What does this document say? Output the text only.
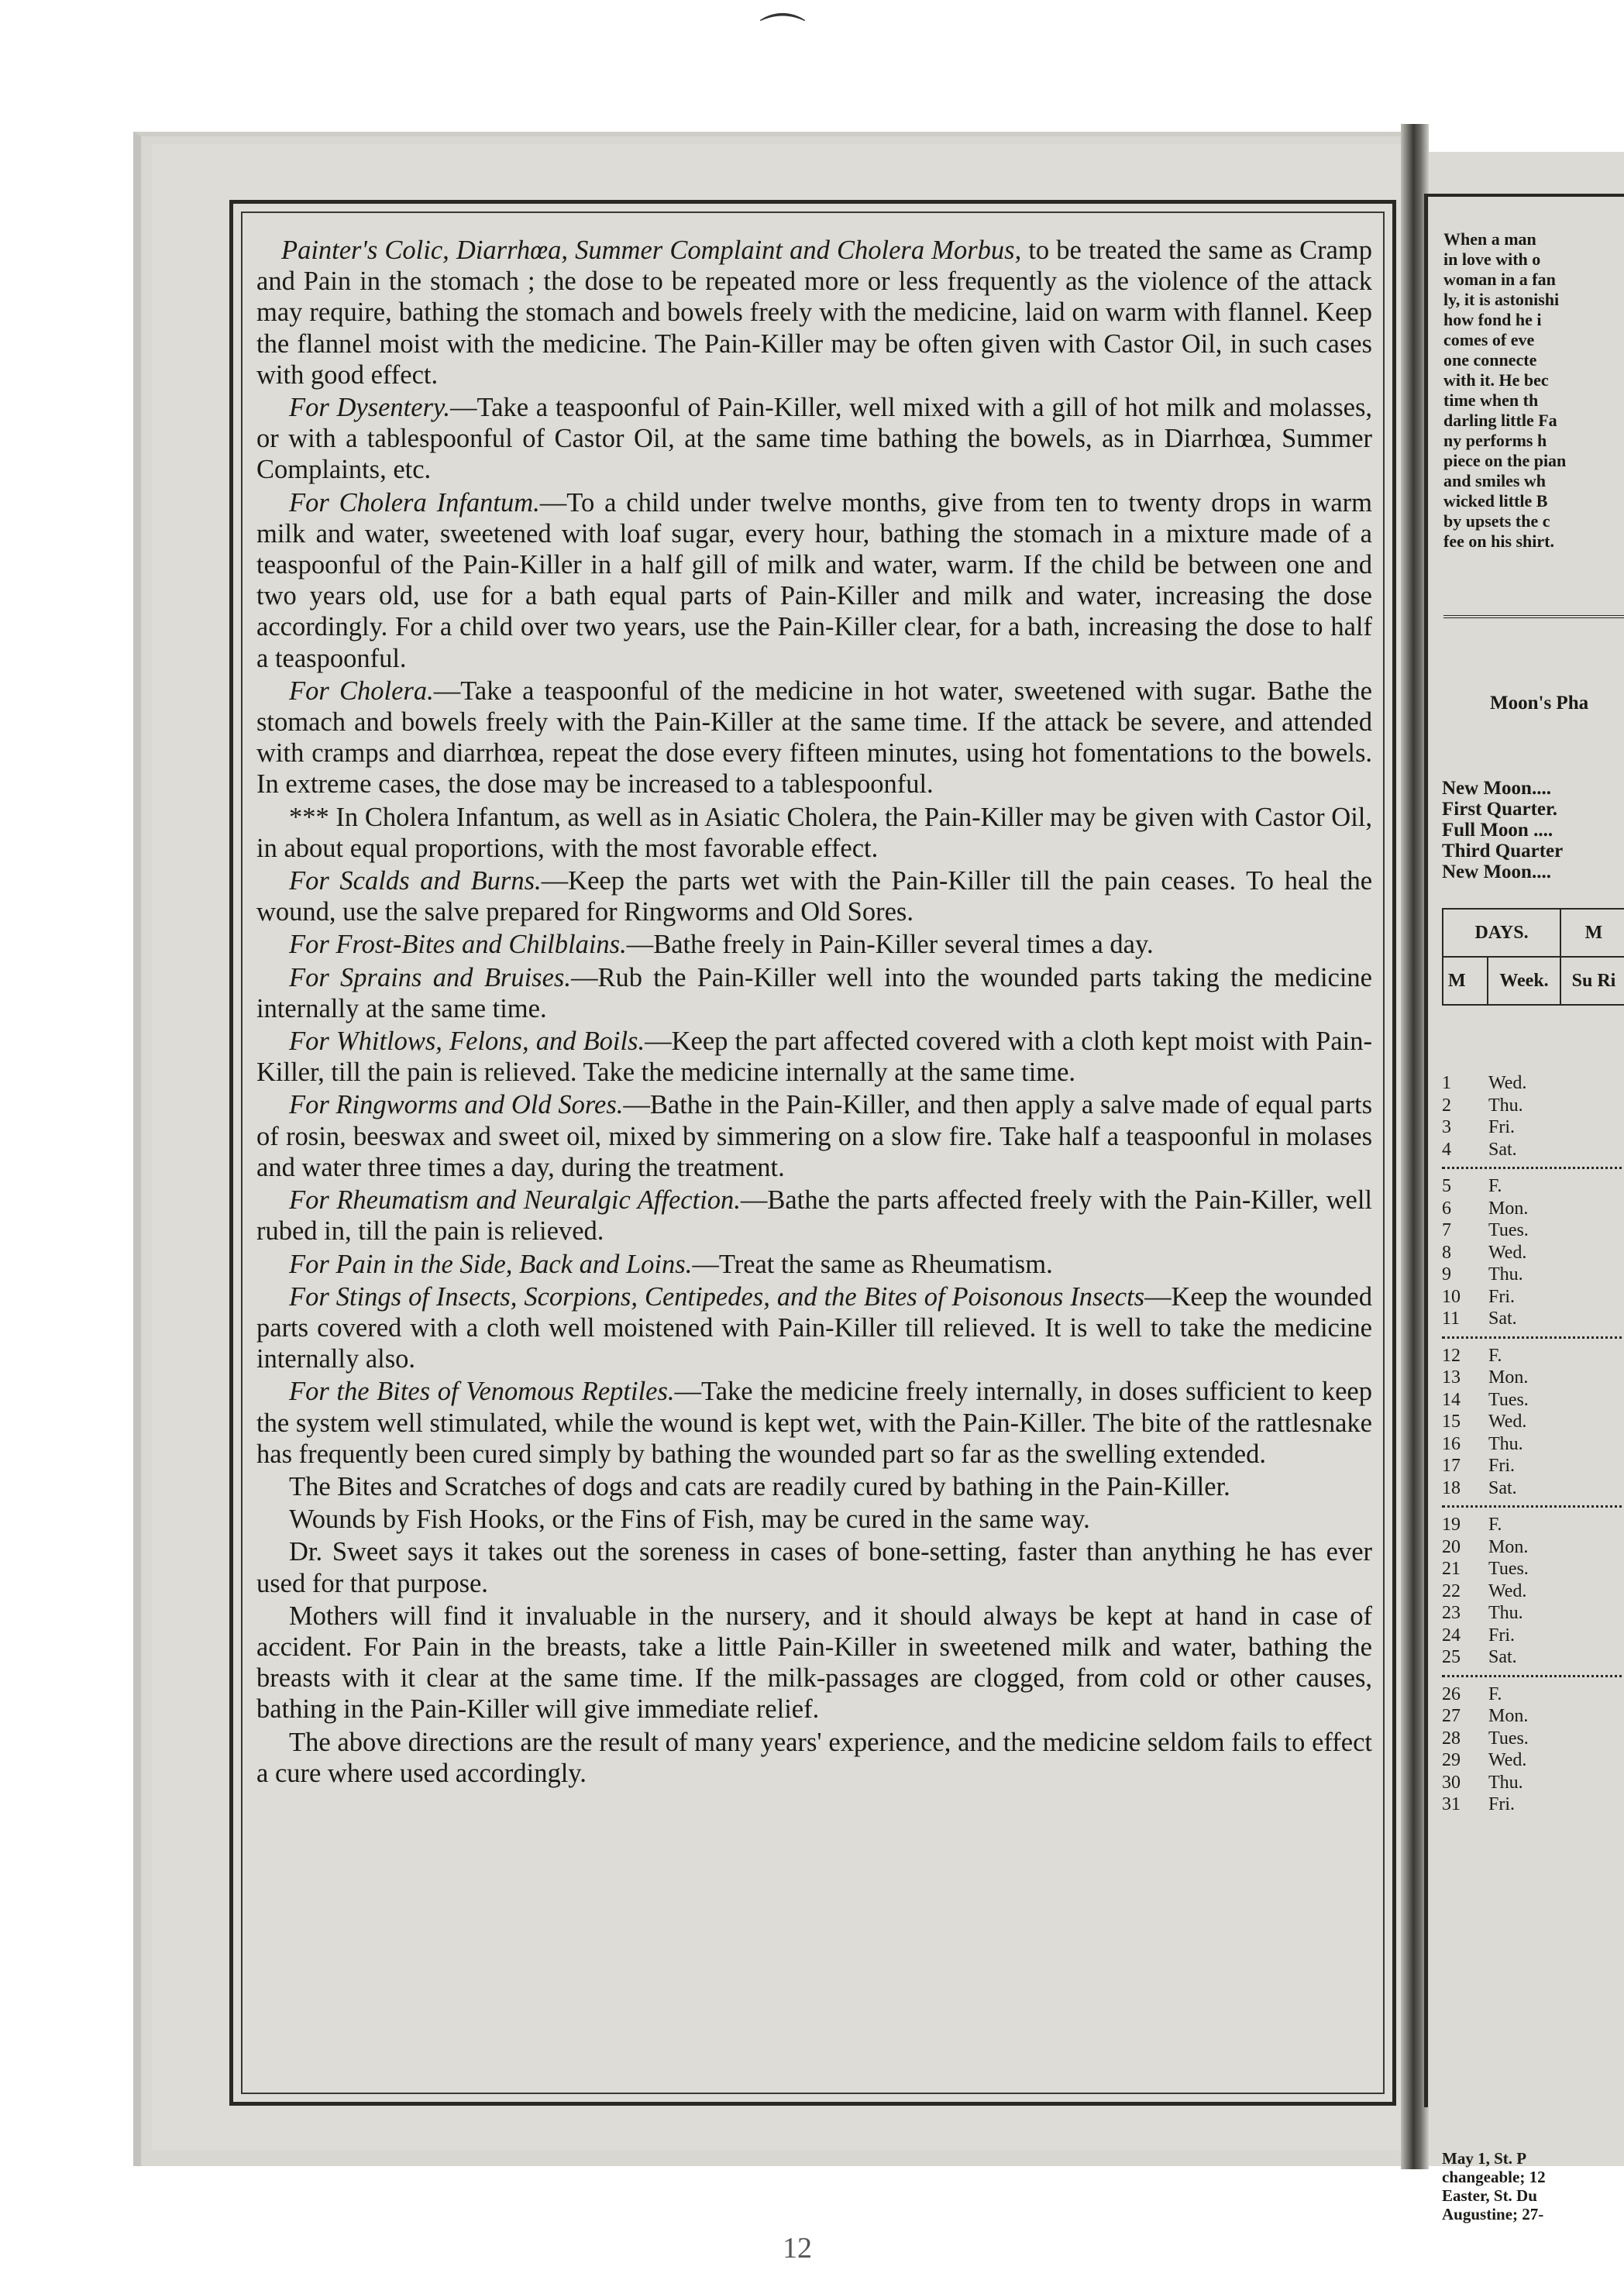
Painter's Colic, Diarrhœa, Summer Complaint and Cholera Morbus, to be treated the same as Cramp and Pain in the stomach ; the dose to be repeated more or less frequently as the violence of the attack may require, bathing the stomach and bowels freely with the medicine, laid on warm with flannel. Keep the flannel moist with the medicine. The Pain-Killer may be often given with Castor Oil, in such cases with good effect.

For Dysentery.—Take a teaspoonful of Pain-Killer, well mixed with a gill of hot milk and molasses, or with a tablespoonful of Castor Oil, at the same time bathing the bowels, as in Diarrhœa, Summer Complaints, etc.

For Cholera Infantum.—To a child under twelve months, give from ten to twenty drops in warm milk and water, sweetened with loaf sugar, every hour, bathing the stomach in a mixture made of a teaspoonful of the Pain-Killer in a half gill of milk and water, warm. If the child be between one and two years old, use for a bath equal parts of Pain-Killer and milk and water, increasing the dose accordingly. For a child over two years, use the Pain-Killer clear, for a bath, increasing the dose to half a teaspoonful.

For Cholera.—Take a teaspoonful of the medicine in hot water, sweetened with sugar. Bathe the stomach and bowels freely with the Pain-Killer at the same time. If the attack be severe, and attended with cramps and diarrhœa, repeat the dose every fifteen minutes, using hot fomentations to the bowels. In extreme cases, the dose may be increased to a tablespoonful.

*** In Cholera Infantum, as well as in Asiatic Cholera, the Pain-Killer may be given with Castor Oil, in about equal proportions, with the most favorable effect.

For Scalds and Burns.—Keep the parts wet with the Pain-Killer till the pain ceases. To heal the wound, use the salve prepared for Ringworms and Old Sores.

For Frost-Bites and Chilblains.—Bathe freely in Pain-Killer several times a day.

For Sprains and Bruises.—Rub the Pain-Killer well into the wounded parts taking the medicine internally at the same time.

For Whitlows, Felons, and Boils.—Keep the part affected covered with a cloth kept moist with Pain-Killer, till the pain is relieved. Take the medicine internally at the same time.

For Ringworms and Old Sores.—Bathe in the Pain-Killer, and then apply a salve made of equal parts of rosin, beeswax and sweet oil, mixed by simmering on a slow fire. Take half a teaspoonful in molases and water three times a day, during the treatment.

For Rheumatism and Neuralgic Affection.—Bathe the parts affected freely with the Pain-Killer, well rubed in, till the pain is relieved.

For Pain in the Side, Back and Loins.—Treat the same as Rheumatism.

For Stings of Insects, Scorpions, Centipedes, and the Bites of Poisonous Insects—Keep the wounded parts covered with a cloth well moistened with Pain-Killer till relieved. It is well to take the medicine internally also.

For the Bites of Venomous Reptiles.—Take the medicine freely internally, in doses sufficient to keep the system well stimulated, while the wound is kept wet, with the Pain-Killer. The bite of the rattlesnake has frequently been cured simply by bathing the wounded part so far as the swelling extended.

The Bites and Scratches of dogs and cats are readily cured by bathing in the Pain-Killer.

Wounds by Fish Hooks, or the Fins of Fish, may be cured in the same way.

Dr. Sweet says it takes out the soreness in cases of bone-setting, faster than anything he has ever used for that purpose.

Mothers will find it invaluable in the nursery, and it should always be kept at hand in case of accident. For Pain in the breasts, take a little Pain-Killer in sweetened milk and water, bathing the breasts with it clear at the same time. If the milk-passages are clogged, from cold or other causes, bathing in the Pain-Killer will give immediate relief.

The above directions are the result of many years' experience, and the medicine seldom fails to effect a cure where used accordingly.

12
When a man
in love with o
woman in a fan
ly, it is astonishi
how fond he i
comes of eve
one connecte
with it. He bec
time when th
darling little Fa
ny performs h
piece on the pian
and smiles wh
wicked little B
by upsets the c
fee on his shirt.
Moon's Pha
New Moon....
First Quarter.
Full Moon ....
Third Quarter
New Moon....
DAYS.		M
M	Week.	Su Ri
1	Wed.
2	Thu.
3	Fri.
4	Sat.
5	F.
6	Mon.
7	Tues.
8	Wed.
9	Thu.
10	Fri.
11	Sat.
12	F.
13	Mon.
14	Tues.
15	Wed.
16	Thu.
17	Fri.
18	Sat.
19	F.
20	Mon.
21	Tues.
22	Wed.
23	Thu.
24	Fri.
25	Sat.
26	F.
27	Mon.
28	Tues.
29	Wed.
30	Thu.
31	Fri.
May 1, St. P
changeable; 12
Easter, St. Du
Augustine; 27-
⌒
